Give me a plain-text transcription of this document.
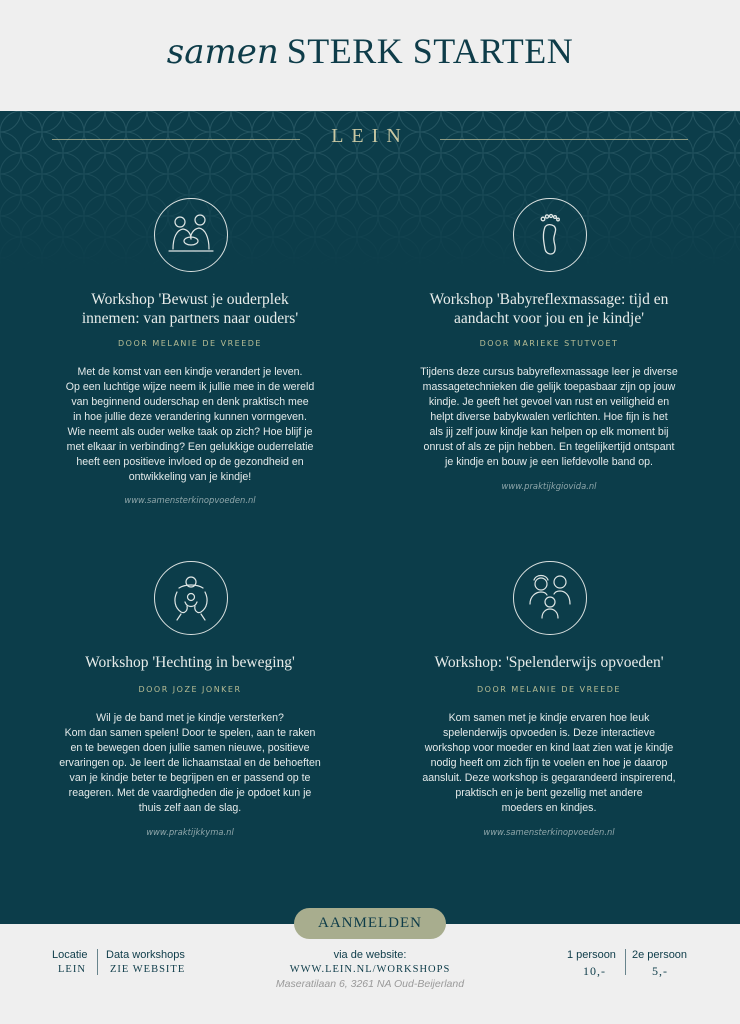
samen STERK STARTEN
LEIN
Workshop 'Bewust je ouderplek
innemen: van partners naar ouders'
DOOR MELANIE DE VREEDE
Met de komst van een kindje verandert je leven.
Op een luchtige wijze neem ik jullie mee in de wereld
van beginnend ouderschap en denk praktisch mee
in hoe jullie deze verandering kunnen vormgeven.
Wie neemt als ouder welke taak op zich? Hoe blijf je
met elkaar in verbinding? Een gelukkige ouderrelatie
heeft een positieve invloed op de gezondheid en
ontwikkeling van je kindje!
www.samensterkinopvoeden.nl
Workshop 'Babyreflexmassage: tijd en
aandacht voor jou en je kindje'
DOOR MARIEKE STUTVOET
Tijdens deze cursus babyreflexmassage leer je diverse
massagetechnieken die gelijk toepasbaar zijn op jouw
kindje. Je geeft het gevoel van rust en veiligheid en
helpt diverse babykwalen verlichten. Hoe fijn is het
als jij zelf jouw kindje kan helpen op elk moment bij
onrust of als ze pijn hebben. En tegelijkertijd ontspant
je kindje en bouw je een liefdevolle band op.
www.praktijkgiovida.nl
Workshop 'Hechting in beweging'
DOOR JOZE JONKER
Wil je de band met je kindje versterken?
Kom dan samen spelen! Door te spelen, aan te raken
en te bewegen doen jullie samen nieuwe, positieve
ervaringen op. Je leert de lichaamstaal en de behoeften
van je kindje beter te begrijpen en er passend op te
reageren. Met de vaardigheden die je opdoet kun je
thuis zelf aan de slag.
www.praktijkkyma.nl
Workshop: 'Spelenderwijs opvoeden'
DOOR MELANIE DE VREEDE
Kom samen met je kindje ervaren hoe leuk
spelenderwijs opvoeden is. Deze interactieve
workshop voor moeder en kind laat zien wat je kindje
nodig heeft om zich fijn te voelen en hoe je daarop
aansluit. Deze workshop is gegarandeerd inspirerend,
praktisch en je bent gezellig met andere
moeders en kindjes.
www.samensterkinopvoeden.nl
AANMELDEN
Locatie
LEIN
Data workshops
ZIE WEBSITE
via de website:
WWW.LEIN.NL/WORKSHOPS
Maseratilaan 6, 3261 NA Oud-Beijerland
1 persoon
10,-
2e persoon
5,-
